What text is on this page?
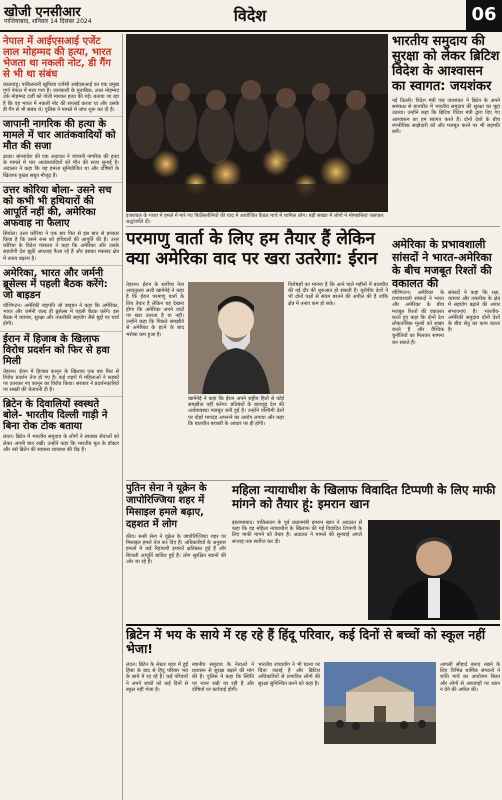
खोजी एनसीआर
गाजियाबाद, शनिवार 14 दिसंबर 2024	विदेश	06
नेपाल में आईएसआई एजेंट लाल मोहम्मद की हत्या, भारत भेजता था नकली नोट, डी गैंग से भी था संबंध
काठमांडू। पाकिस्तानी खुफिया एजेंसी आईएसआई का एक प्रमुख गुर्गा नेपाल में मारा गया है। जानकारी के मुताबिक, लाल मोहम्मद उर्फ मोहम्मद दर्जी को गोली मारकर हत्या की गई। बताया जा रहा है कि वह भारत में नकली नोट की सप्लाई करता था और उसके डी गैंग से भी संबंध थे। पुलिस ने मामले में जांच शुरू कर दी है।
जापानी नागरिक की हत्या के मामले में चार आतंकवादियों को मौत की सजा
ढाका। बांग्लादेश की एक अदालत ने जापानी नागरिक की हत्या के मामले में चार आतंकवादियों को मौत की सजा सुनाई है। अदालत ने कहा कि यह हमला सुनियोजित था और दोषियों के खिलाफ पुख्ता सबूत मौजूद हैं।
उत्तर कोरिया बोला- उसने सच को कभी भी हथियारों की आपूर्ति नहीं की, अमेरिका अफवाह ना फैलाए
सियोल। उत्तर कोरिया ने एक बार फिर से इस बात से इनकार किया है कि उसने रूस को हथियारों की आपूर्ति की है। उत्तर कोरिया के विदेश मंत्रालय ने कहा कि अमेरिका और उसके सहयोगी देश झूठी अफवाह फैला रहे हैं और इसका मकसद क्षेत्र में तनाव बढ़ाना है।
अमेरिका, भारत और जर्मनी ब्रूसेल्स में पहली बैठक करेंगे: जो बाइडन
वॉशिंगटन। अमेरिकी राष्ट्रपति जो बाइडन ने कहा कि अमेरिका, भारत और जर्मनी जल्द ही ब्रूसेल्स में पहली बैठक करेंगे। इस बैठक में व्यापार, सुरक्षा और तकनीकी सहयोग जैसे मुद्दों पर चर्चा होगी।
ईरान में हिजाब के खिलाफ विरोध प्रदर्शन को फिर से हवा मिली
तेहरान। ईरान में हिजाब कानून के खिलाफ एक बार फिर से विरोध प्रदर्शन तेज हो गए हैं। कई शहरों में महिलाओं ने सड़कों पर उतरकर नए कानून का विरोध किया। सरकार ने प्रदर्शनकारियों पर सख्ती की चेतावनी दी है।
ब्रिटेन के दिवालियों स्वस्थते बोले- भारतीय दिल्ली गाड़ी ने बिना रोक टोक बताया
लंदन। ब्रिटेन में भारतीय समुदाय के लोगों ने स्वास्थ्य सेवाओं को लेकर अपनी बात रखी। उन्होंने कहा कि भारतीय मूल के डॉक्टर और नर्स ब्रिटेन की स्वास्थ्य व्यवस्था की रीढ़ हैं।
इजरायल के गाजा में हमले में मारे गए फिलिस्तीनियों की याद में आयोजित कैंडल मार्च में शामिल लोग। बड़ी संख्या में लोगों ने मोमबत्तियां जलाकर श्रद्धांजलि दी।
भारतीय समुदाय की सुरक्षा को लेकर ब्रिटिश विदेश के आश्वासन का स्वागत: जयशंकर
नई दिल्ली। विदेश मंत्री एस जयशंकर ने ब्रिटेन के अपने समकक्ष से बातचीत में भारतीय समुदाय की सुरक्षा का मुद्दा उठाया। उन्होंने कहा कि ब्रिटिश विदेश मंत्री द्वारा दिए गए आश्वासन का हम स्वागत करते हैं। दोनों देशों के बीच रणनीतिक साझेदारी को और मजबूत करने पर भी सहमति बनी।
परमाणु वार्ता के लिए हम तैयार हैं लेकिन क्या अमेरिका वाद पर खरा उतरेगा: ईरान
अमेरिका के प्रभावशाली सांसदों ने भारत-अमेरिका के बीच मजबूत रिश्तों की वकालत की
वॉशिंगटन। अमेरिका के प्रभावशाली सांसदों ने भारत और अमेरिका के बीच मजबूत रिश्तों की वकालत करते हुए कहा कि दोनों देश लोकतांत्रिक मूल्यों को साझा करते हैं और वैश्विक चुनौतियों का मिलकर सामना कर सकते हैं।
सांसदों ने कहा कि रक्षा, व्यापार और तकनीक के क्षेत्र में सहयोग बढ़ाने की अपार संभावनाएं हैं। भारतीय-अमेरिकी समुदाय दोनों देशों के बीच सेतु का काम करता है।
तेहरान। ईरान के सर्वोच्च नेता अयातुल्ला अली खामेनेई ने कहा है कि ईरान परमाणु वार्ता के लिए तैयार है लेकिन यह देखना होगा कि अमेरिका अपने वादों पर खरा उतरता है या नहीं। उन्होंने कहा कि पिछले समझौते से अमेरिका के हटने के बाद भरोसा कम हुआ है।
खामेनेई ने कहा कि ईरान अपने राष्ट्रीय हितों से कोई समझौता नहीं करेगा। प्रतिबंधों के बावजूद देश की अर्थव्यवस्था मजबूत बनी हुई है। उन्होंने पश्चिमी देशों पर दोहरे मापदंड अपनाने का आरोप लगाया और कहा कि बातचीत बराबरी के आधार पर ही होगी।
विशेषज्ञों का मानना है कि आने वाले महीनों में बातचीत की नई दौर की शुरुआत हो सकती है। यूरोपीय देशों ने भी दोनों पक्षों से संयम बरतने की अपील की है ताकि क्षेत्र में तनाव कम हो सके।
पुतिन सेना ने यूक्रेन के जापोरिज्जिया शहर में मिसाइल हमले बढ़ाए, दहशत में लोग
कीव। रूसी सेना ने यूक्रेन के जापोरिज्जिया शहर पर मिसाइल हमले तेज कर दिए हैं। अधिकारियों के अनुसार हमलों में कई रिहायशी इमारतें क्षतिग्रस्त हुई हैं और बिजली आपूर्ति बाधित हुई है। लोग सुरक्षित स्थानों की ओर जा रहे हैं।
महिला न्यायाधीश के खिलाफ विवादित टिप्पणी के लिए माफी मांगने को तैयार हूं: इमरान खान
इस्लामाबाद। पाकिस्तान के पूर्व प्रधानमंत्री इमरान खान ने अदालत से कहा कि वह महिला न्यायाधीश के खिलाफ की गई विवादित टिप्पणी के लिए माफी मांगने को तैयार हैं। अदालत ने मामले की सुनवाई अगले सप्ताह तक स्थगित कर दी।
ब्रिटेन में भय के साये में रह रहे हैं हिंदू परिवार, कई दिनों से बच्चों को स्कूल नहीं भेजा!
लंदन। ब्रिटेन के लेस्टर शहर में हुई हिंसा के बाद से हिंदू परिवार भय के साये में रह रहे हैं। कई परिवारों ने अपने बच्चों को कई दिनों से स्कूल नहीं भेजा है।
स्थानीय समुदाय के नेताओं ने प्रशासन से सुरक्षा बढ़ाने की मांग की है। पुलिस ने कहा कि स्थिति पर नजर रखी जा रही है और दोषियों पर कार्रवाई होगी।
भारतीय उच्चायोग ने भी घटना पर चिंता जताई है और ब्रिटिश अधिकारियों से प्रभावित लोगों की सुरक्षा सुनिश्चित करने को कहा है।
आपसी सौहार्द बनाए रखने के लिए विभिन्न धार्मिक संगठनों ने शांति मार्च का आयोजन किया और लोगों से अफवाहों पर ध्यान न देने की अपील की।
